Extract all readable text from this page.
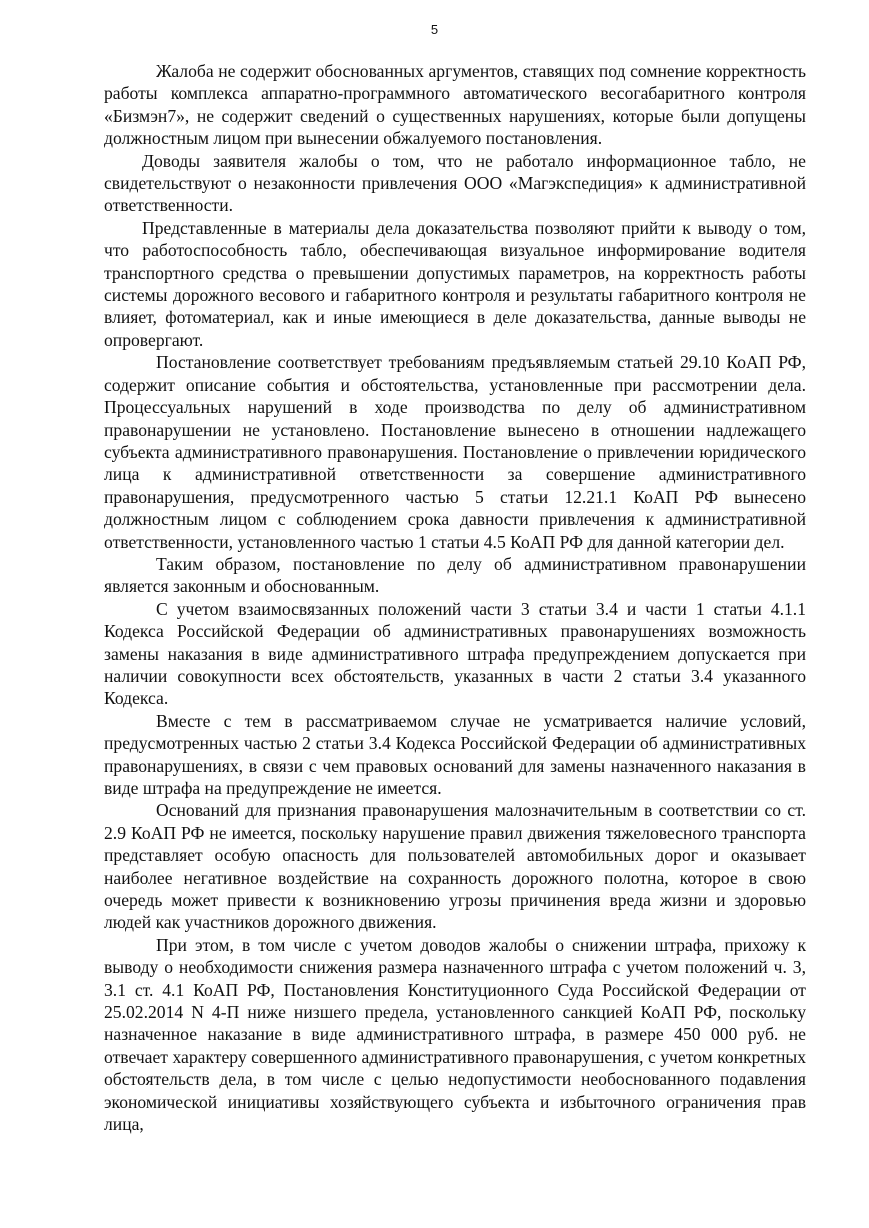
5

Жалоба не содержит обоснованных аргументов, ставящих под сомнение корректность работы комплекса аппаратно-программного автоматического весогабаритного контроля «Бизмэн7», не содержит сведений о существенных нарушениях, которые были допущены должностным лицом при вынесении обжалуемого постановления.

Доводы заявителя жалобы о том, что не работало информационное табло, не свидетельствуют о незаконности привлечения ООО «Магэкспедиция» к административной ответственности.

Представленные в материалы дела доказательства позволяют прийти к выводу о том, что работоспособность табло, обеспечивающая визуальное информирование водителя транспортного средства о превышении допустимых параметров, на корректность работы системы дорожного весового и габаритного контроля и результаты габаритного контроля не влияет, фотоматериал, как и иные имеющиеся в деле доказательства, данные выводы не опровергают.

Постановление соответствует требованиям предъявляемым статьей 29.10 КоАП РФ, содержит описание события и обстоятельства, установленные при рассмотрении дела. Процессуальных нарушений в ходе производства по делу об административном правонарушении не установлено. Постановление вынесено в отношении надлежащего субъекта административного правонарушения. Постановление о привлечении юридического лица к административной ответственности за совершение административного правонарушения, предусмотренного частью 5 статьи 12.21.1 КоАП РФ вынесено должностным лицом с соблюдением срока давности привлечения к административной ответственности, установленного частью 1 статьи 4.5 КоАП РФ для данной категории дел.

Таким образом, постановление по делу об административном правонарушении является законным и обоснованным.

С учетом взаимосвязанных положений части 3 статьи 3.4 и части 1 статьи 4.1.1 Кодекса Российской Федерации об административных правонарушениях возможность замены наказания в виде административного штрафа предупреждением допускается при наличии совокупности всех обстоятельств, указанных в части 2 статьи 3.4 указанного Кодекса.

Вместе с тем в рассматриваемом случае не усматривается наличие условий, предусмотренных частью 2 статьи 3.4 Кодекса Российской Федерации об административных правонарушениях, в связи с чем правовых оснований для замены назначенного наказания в виде штрафа на предупреждение не имеется.

Оснований для признания правонарушения малозначительным в соответствии со ст. 2.9 КоАП РФ не имеется, поскольку нарушение правил движения тяжеловесного транспорта представляет особую опасность для пользователей автомобильных дорог и оказывает наиболее негативное воздействие на сохранность дорожного полотна, которое в свою очередь может привести к возникновению угрозы причинения вреда жизни и здоровью людей как участников дорожного движения.

При этом, в том числе с учетом доводов жалобы о снижении штрафа, прихожу к выводу о необходимости снижения размера назначенного штрафа с учетом положений ч. 3, 3.1 ст. 4.1 КоАП РФ, Постановления Конституционного Суда Российской Федерации от 25.02.2014 N 4-П ниже низшего предела, установленного санкцией КоАП РФ, поскольку назначенное наказание в виде административного штрафа, в размере 450 000 руб. не отвечает характеру совершенного административного правонарушения, с учетом конкретных обстоятельств дела, в том числе с целью недопустимости необоснованного подавления экономической инициативы хозяйствующего субъекта и избыточного ограничения прав лица,
